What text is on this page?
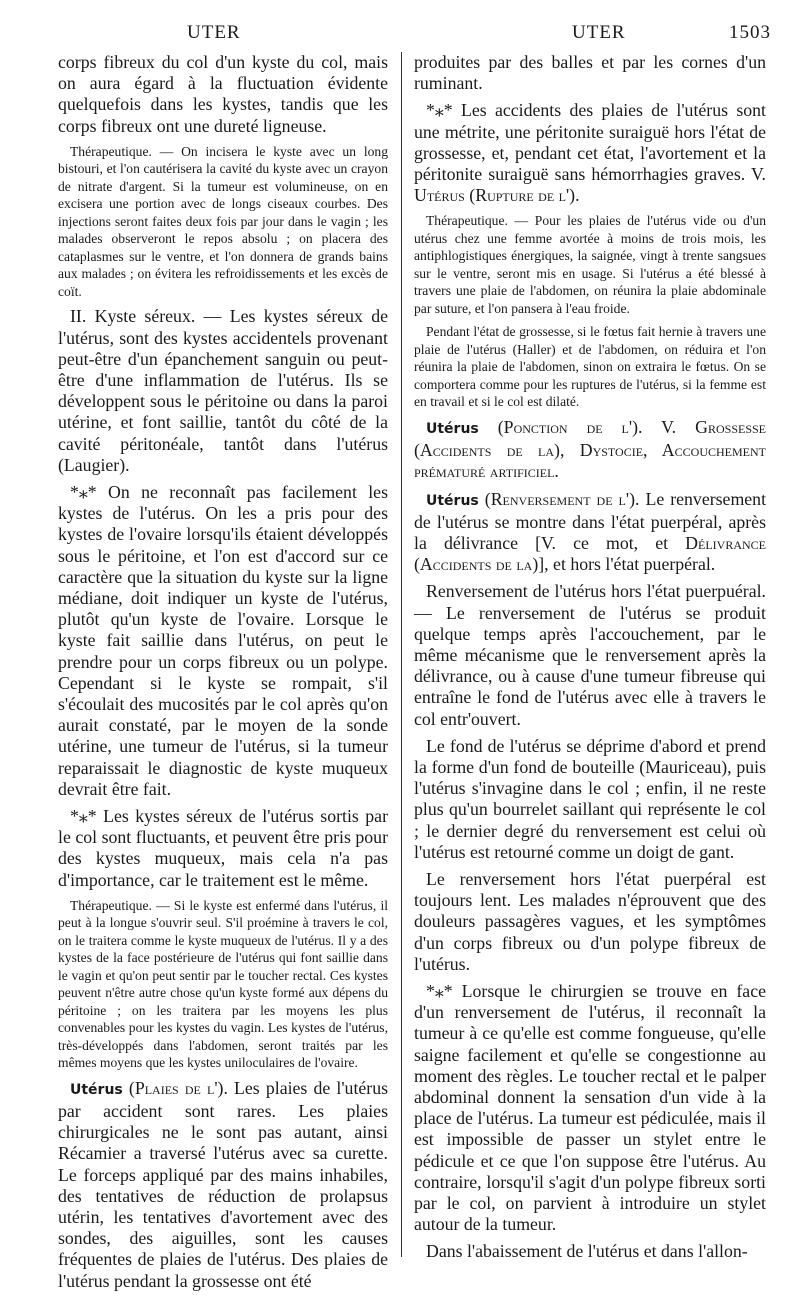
UTER	UTER	1503

corps fibreux du col d'un kyste du col, mais on aura égard à la fluctuation évidente quelquefois dans les kystes, tandis que les corps fibreux ont une dureté ligneuse.

Thérapeutique. — On incisera le kyste avec un long bistouri, et l'on cautérisera la cavité du kyste avec un crayon de nitrate d'argent. Si la tumeur est volumineuse, on en excisera une portion avec de longs ciseaux courbes. Des injections seront faites deux fois par jour dans le vagin ; les malades observeront le repos absolu ; on placera des cataplasmes sur le ventre, et l'on donnera de grands bains aux malades ; on évitera les refroidissements et les excès de coït.

II. Kyste séreux. — Les kystes séreux de l'utérus, sont des kystes accidentels provenant peut-être d'un épanchement sanguin ou peut-être d'une inflammation de l'utérus. Ils se développent sous le péritoine ou dans la paroi utérine, et font saillie, tantôt du côté de la cavité péritonéale, tantôt dans l'utérus (Laugier).

*⁎* On ne reconnaît pas facilement les kystes de l'utérus. On les a pris pour des kystes de l'ovaire lorsqu'ils étaient développés sous le péritoine, et l'on est d'accord sur ce caractère que la situation du kyste sur la ligne médiane, doit indiquer un kyste de l'utérus, plutôt qu'un kyste de l'ovaire. Lorsque le kyste fait saillie dans l'utérus, on peut le prendre pour un corps fibreux ou un polype. Cependant si le kyste se rompait, s'il s'écoulait des mucosités par le col après qu'on aurait constaté, par le moyen de la sonde utérine, une tumeur de l'utérus, si la tumeur reparaissait le diagnostic de kyste muqueux devrait être fait.

*⁎* Les kystes séreux de l'utérus sortis par le col sont fluctuants, et peuvent être pris pour des kystes muqueux, mais cela n'a pas d'importance, car le traitement est le même.

Thérapeutique. — Si le kyste est enfermé dans l'utérus, il peut à la longue s'ouvrir seul. S'il proémine à travers le col, on le traitera comme le kyste muqueux de l'utérus. Il y a des kystes de la face postérieure de l'utérus qui font saillie dans le vagin et qu'on peut sentir par le toucher rectal. Ces kystes peuvent n'être autre chose qu'un kyste formé aux dépens du péritoine ; on les traitera par les moyens les plus convenables pour les kystes du vagin. Les kystes de l'utérus, très-développés dans l'abdomen, seront traités par les mêmes moyens que les kystes uniloculaires de l'ovaire.

Utérus (Plaies de l'). Les plaies de l'utérus par accident sont rares. Les plaies chirurgicales ne le sont pas autant, ainsi Récamier a traversé l'utérus avec sa curette. Le forceps appliqué par des mains inhabiles, des tentatives de réduction de prolapsus utérin, les tentatives d'avortement avec des sondes, des aiguilles, sont les causes fréquentes de plaies de l'utérus. Des plaies de l'utérus pendant la grossesse ont été

produites par des balles et par les cornes d'un ruminant.

*⁎* Les accidents des plaies de l'utérus sont une métrite, une péritonite suraiguë hors l'état de grossesse, et, pendant cet état, l'avortement et la péritonite suraiguë sans hémorrhagies graves. V. Utérus (Rupture de l').

Thérapeutique. — Pour les plaies de l'utérus vide ou d'un utérus chez une femme avortée à moins de trois mois, les antiphlogistiques énergiques, la saignée, vingt à trente sangsues sur le ventre, seront mis en usage. Si l'utérus a été blessé à travers une plaie de l'abdomen, on réunira la plaie abdominale par suture, et l'on pansera à l'eau froide.

Pendant l'état de grossesse, si le fœtus fait hernie à travers une plaie de l'utérus (Haller) et de l'abdomen, on réduira et l'on réunira la plaie de l'abdomen, sinon on extraira le fœtus. On se comportera comme pour les ruptures de l'utérus, si la femme est en travail et si le col est dilaté.

Utérus (Ponction de l'). V. Grossesse (Accidents de la), Dystocie, Accouchement prématuré artificiel.

Utérus (Renversement de l'). Le renversement de l'utérus se montre dans l'état puerpéral, après la délivrance [V. ce mot, et Délivrance (Accidents de la)], et hors l'état puerpéral.

Renversement de l'utérus hors l'état puerpuéral. — Le renversement de l'utérus se produit quelque temps après l'accouchement, par le même mécanisme que le renversement après la délivrance, ou à cause d'une tumeur fibreuse qui entraîne le fond de l'utérus avec elle à travers le col entr'ouvert.

Le fond de l'utérus se déprime d'abord et prend la forme d'un fond de bouteille (Mauriceau), puis l'utérus s'invagine dans le col ; enfin, il ne reste plus qu'un bourrelet saillant qui représente le col ; le dernier degré du renversement est celui où l'utérus est retourné comme un doigt de gant.

Le renversement hors l'état puerpéral est toujours lent. Les malades n'éprouvent que des douleurs passagères vagues, et les symptômes d'un corps fibreux ou d'un polype fibreux de l'utérus.

*⁎* Lorsque le chirurgien se trouve en face d'un renversement de l'utérus, il reconnaît la tumeur à ce qu'elle est comme fongueuse, qu'elle saigne facilement et qu'elle se congestionne au moment des règles. Le toucher rectal et le palper abdominal donnent la sensation d'un vide à la place de l'utérus. La tumeur est pédiculée, mais il est impossible de passer un stylet entre le pédicule et ce que l'on suppose être l'utérus. Au contraire, lorsqu'il s'agit d'un polype fibreux sorti par le col, on parvient à introduire un stylet autour de la tumeur.

Dans l'abaissement de l'utérus et dans l'allon-
